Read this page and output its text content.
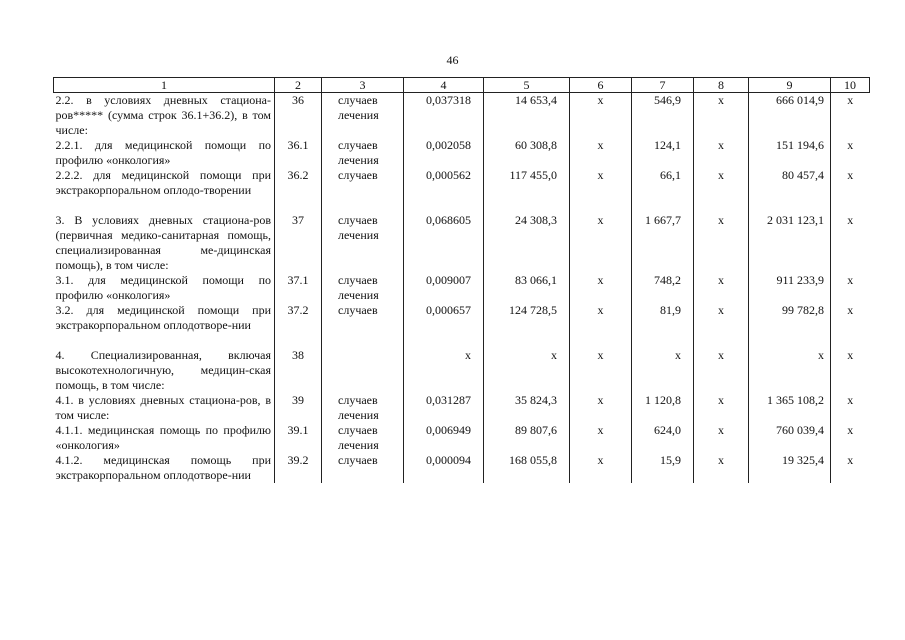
46
1	2	3	4	5	6	7	8	9	10
2.2. в условиях дневных стациона-ров***** (сумма строк 36.1+36.2), в том числе:	36	случаев лечения	0,037318	14 653,4	x	546,9	x	666 014,9	x
2.2.1. для медицинской помощи по профилю «онкология»	36.1	случаев лечения	0,002058	60 308,8	x	124,1	x	151 194,6	x
2.2.2. для медицинской помощи при экстракорпоральном оплодо-творении	36.2	случаев	0,000562	117 455,0	x	66,1	x	80 457,4	x

3. В условиях дневных стациона-ров (первичная медико-санитарная помощь, специализированная ме-дицинская помощь), в том числе:	37	случаев лечения	0,068605	24 308,3	x	1 667,7	x	2 031 123,1	x
3.1. для медицинской помощи по профилю «онкология»	37.1	случаев лечения	0,009007	83 066,1	x	748,2	x	911 233,9	x
3.2. для медицинской помощи при экстракорпоральном оплодотворе-нии	37.2	случаев	0,000657	124 728,5	x	81,9	x	99 782,8	x

4. Специализированная, включая высокотехнологичную, медицин-ская помощь, в том числе:	38		x	x	x	x	x	x	x
4.1. в условиях дневных стациона-ров, в том числе:	39	случаев лечения	0,031287	35 824,3	x	1 120,8	x	1 365 108,2	x
4.1.1. медицинская помощь по профилю «онкология»	39.1	случаев лечения	0,006949	89 807,6	x	624,0	x	760 039,4	x
4.1.2. медицинская помощь при экстракорпоральном оплодотворе-нии	39.2	случаев	0,000094	168 055,8	x	15,9	x	19 325,4	x
